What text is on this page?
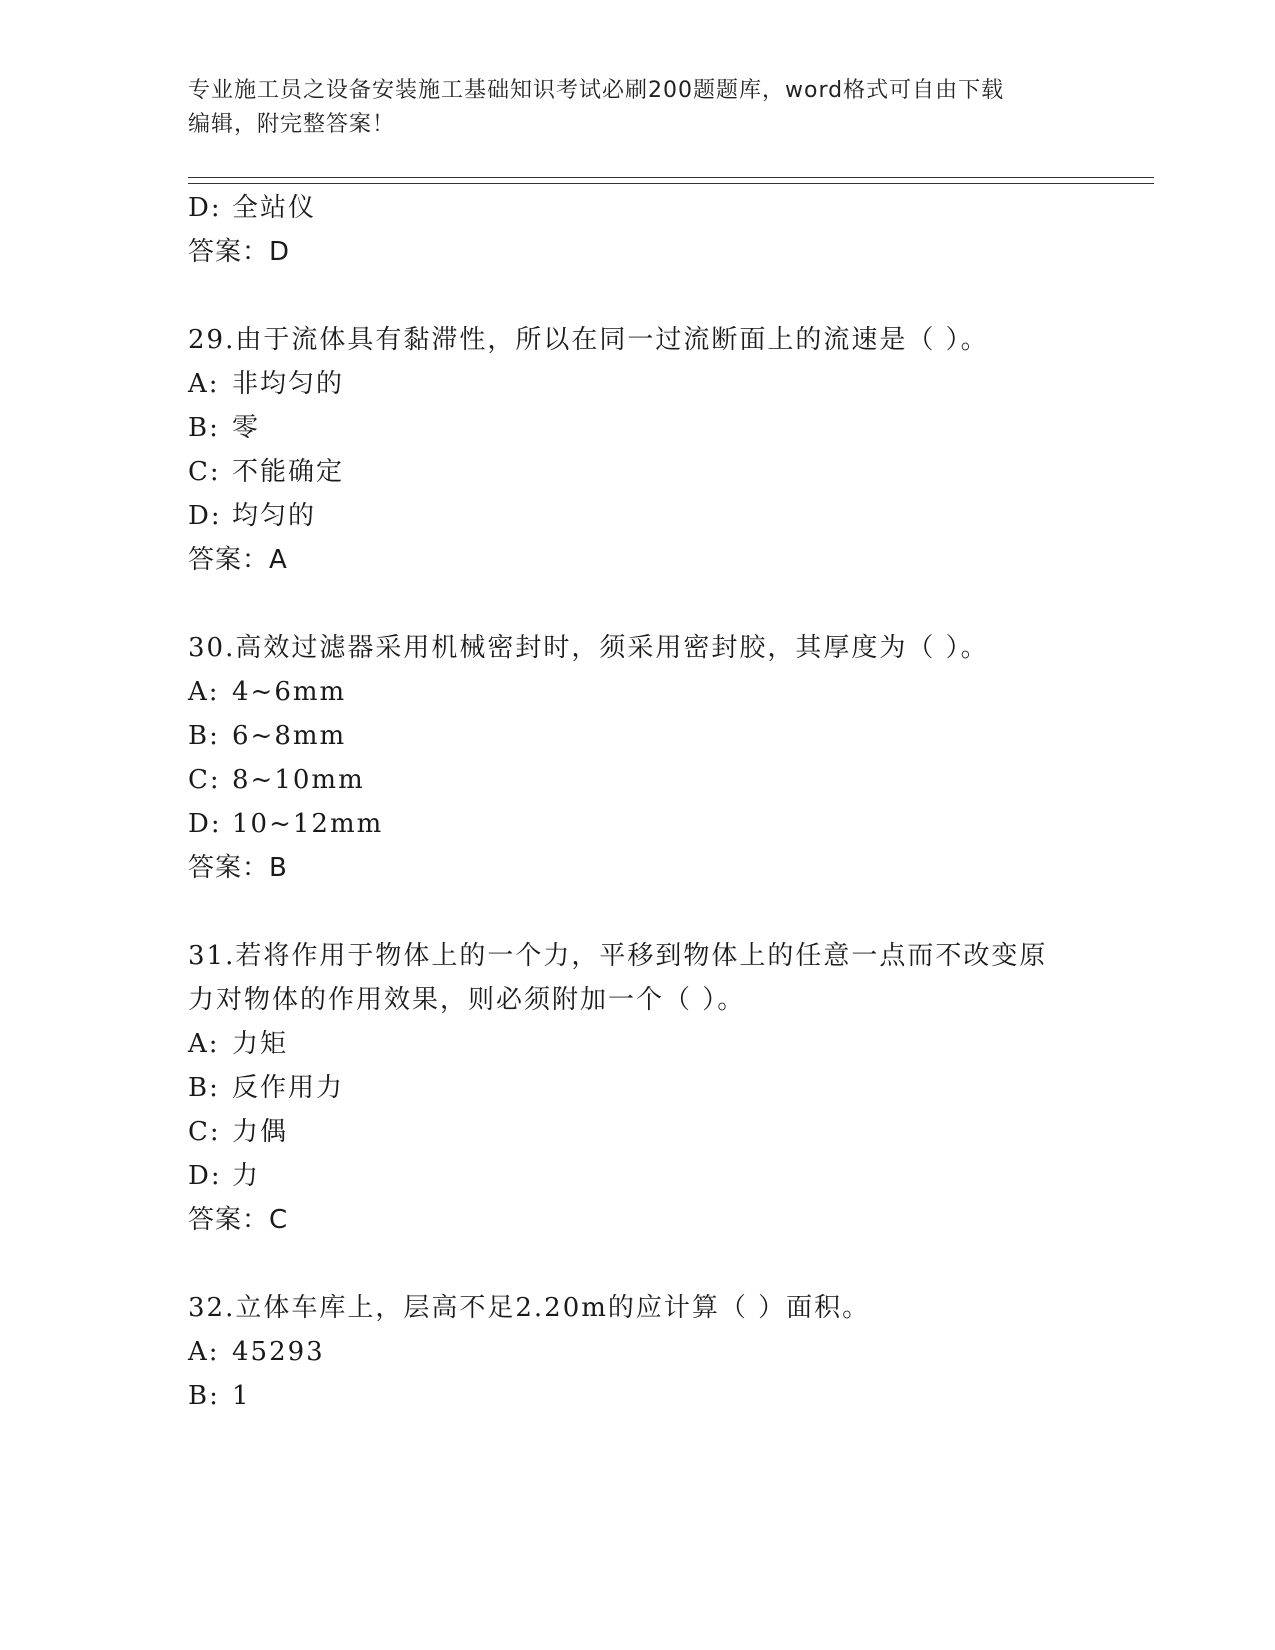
专业施工员之设备安装施工基础知识考试必刷200题题库，word格式可自由下载
编辑，附完整答案！
D: 全站仪
答案：D
29.由于流体具有黏滞性，所以在同一过流断面上的流速是（ ）。
A: 非均匀的
B: 零
C: 不能确定
D: 均匀的
答案：A
30.高效过滤器采用机械密封时，须采用密封胶，其厚度为（ ）。
A: 4~6mm
B: 6~8mm
C: 8~10mm
D: 10~12mm
答案：B
31.若将作用于物体上的一个力，平移到物体上的任意一点而不改变原
力对物体的作用效果，则必须附加一个（ ）。
A: 力矩
B: 反作用力
C: 力偶
D: 力
答案：C
32.立体车库上，层高不足2.20m的应计算（ ）面积。
A: 45293
B: 1
